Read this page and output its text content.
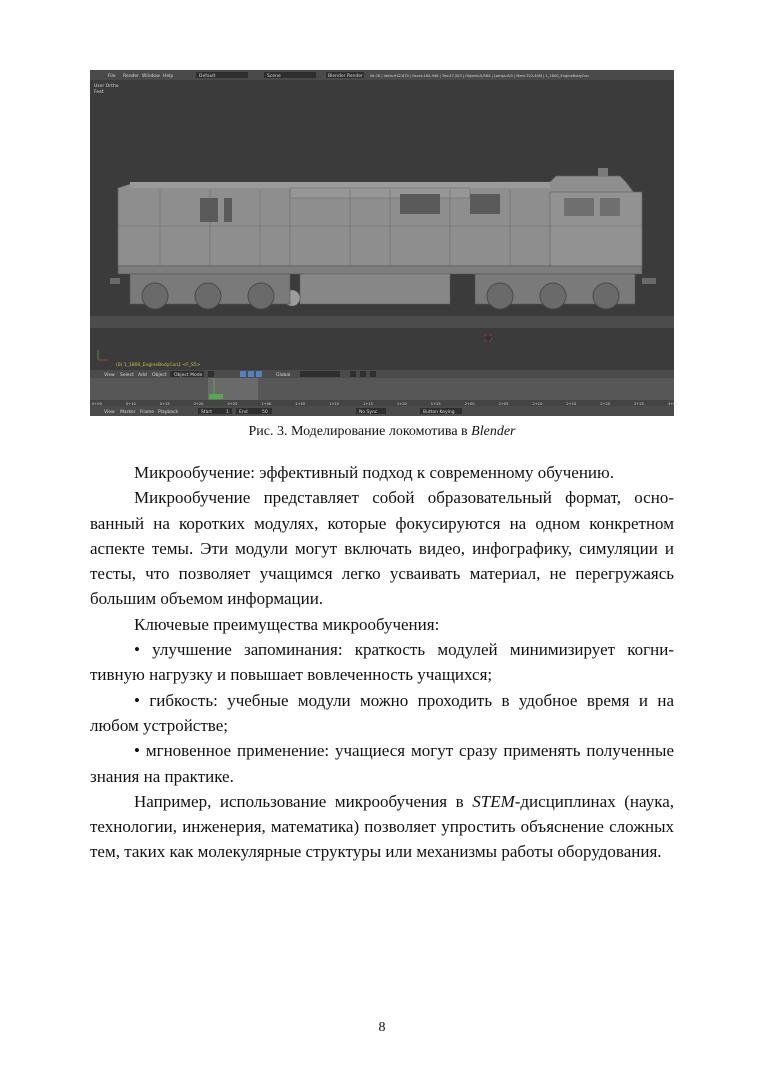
File Render Window Help	Default	Scene	Blender Render Ve:78 | Verts:932,870 | Faces:184,946 | Tris:47,503 | Objects:0/564 | Lamps:0/0 | Mem:702.40M | 1_1800_EngineBodyCon
User Ortho
Feet
(0) 1_1800_EngineBodyCon1 <F_S5>
View Select Add Object Object Mode	Global
0+00	0+10	0+15	0+20	0+25	1+00	1+05	1+10	1+15	1+20	1+25	2+00	2+05	2+10	2+15	2+20	2+25	3+00
View Marker Frame Playback	Start	1 End	50	No Sync	Button Keying
Рис. 3. Моделирование локомотива в Blender

Микрообучение: эффективный подход к современному обучению.

Микрообучение представляет собой образовательный формат, основанный на коротких модулях, которые фокусируются на одном конкретном аспекте темы. Эти модули могут включать видео, инфографику, симуляции и тесты, что позволяет учащимся легко усваивать материал, не перегружаясь большим объемом информации.

Ключевые преимущества микрообучения:

• улучшение запоминания: краткость модулей минимизирует когнитивную нагрузку и повышает вовлеченность учащихся;

• гибкость: учебные модули можно проходить в удобное время и на любом устройстве;

• мгновенное применение: учащиеся могут сразу применять полученные знания на практике.

Например, использование микрообучения в STEM-дисциплинах (наука, технологии, инженерия, математика) позволяет упростить объяснение сложных тем, таких как молекулярные структуры или механизмы работы оборудования.

8
